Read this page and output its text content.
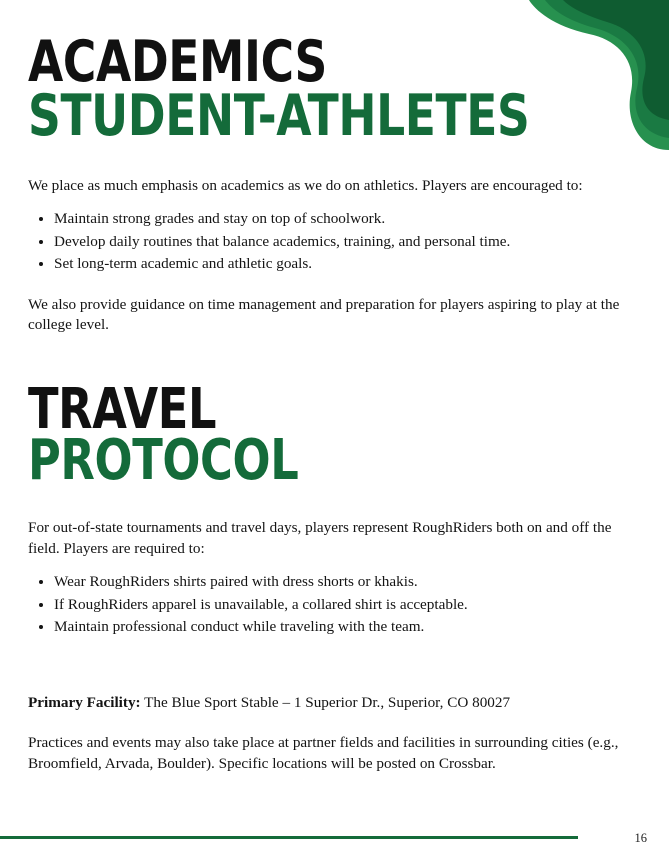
ACADEMICS
STUDENT-ATHLETES

We place as much emphasis on academics as we do on athletics. Players are encouraged to:

• Maintain strong grades and stay on top of schoolwork.
• Develop daily routines that balance academics, training, and personal time.
• Set long-term academic and athletic goals.

We also provide guidance on time management and preparation for players aspiring to play at the college level.

TRAVEL
PROTOCOL

For out-of-state tournaments and travel days, players represent RoughRiders both on and off the field. Players are required to:

• Wear RoughRiders shirts paired with dress shorts or khakis.
• If RoughRiders apparel is unavailable, a collared shirt is acceptable.
• Maintain professional conduct while traveling with the team.

Primary Facility: The Blue Sport Stable – 1 Superior Dr., Superior, CO 80027

Practices and events may also take place at partner fields and facilities in surrounding cities (e.g., Broomfield, Arvada, Boulder). Specific locations will be posted on Crossbar.

16
